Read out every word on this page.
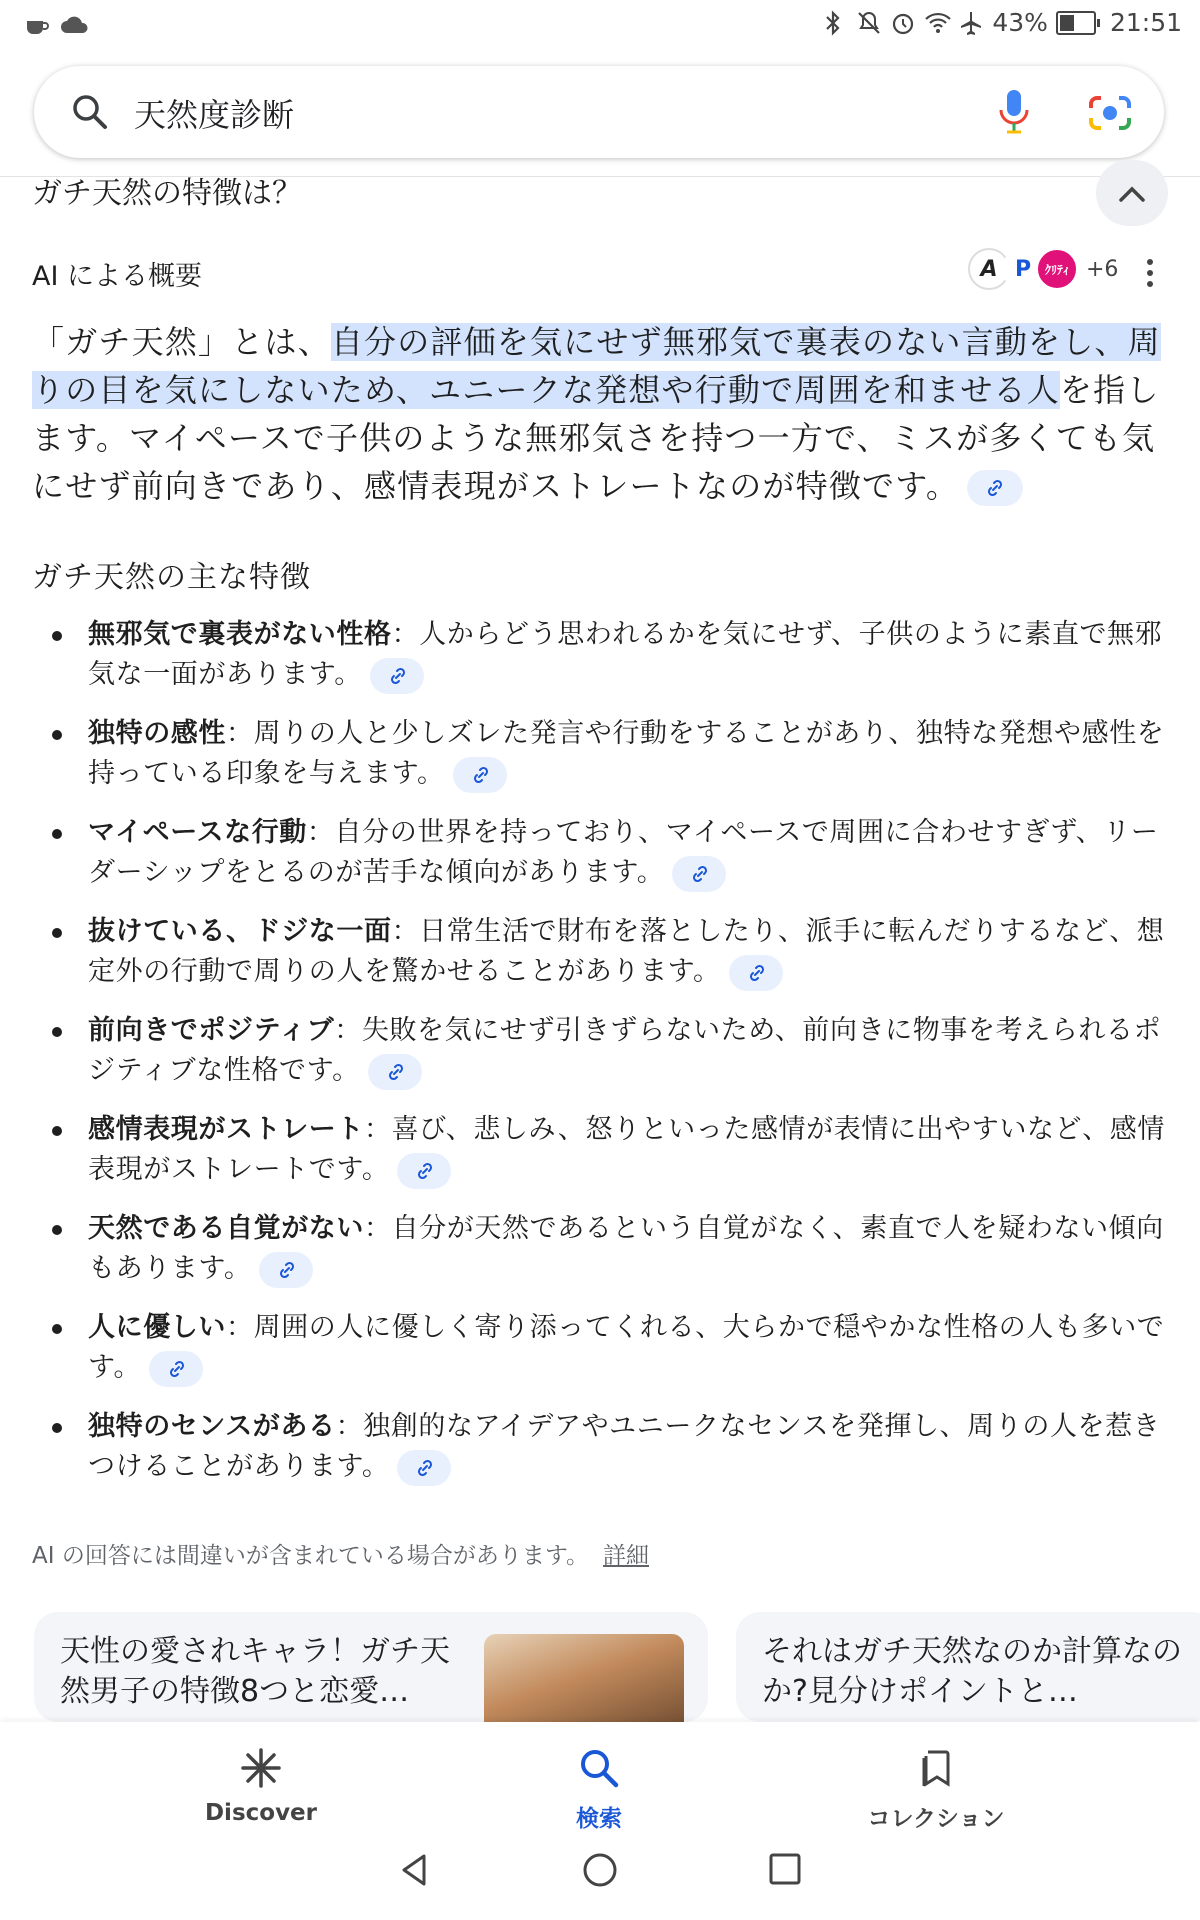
43% 21:51
天然度診断
ガチ天然の特徴は？
AI による概要	A P	ｸﾘﾃｨ +6
「ガチ天然」とは、自分の評価を気にせず無邪気で裏表のない言動をし、周りの目を気にしないため、ユニークな発想や行動で周囲を和ませる人を指します。マイペースで子供のような無邪気さを持つ一方で、ミスが多くても気にせず前向きであり、感情表現がストレートなのが特徴です。
ガチ天然の主な特徴
無邪気で裏表がない性格：人からどう思われるかを気にせず、子供のように素直で無邪気な一面があります。
独特の感性：周りの人と少しズレた発言や行動をすることがあり、独特な発想や感性を持っている印象を与えます。
マイペースな行動：自分の世界を持っており、マイペースで周囲に合わせすぎず、リーダーシップをとるのが苦手な傾向があります。
抜けている、ドジな一面：日常生活で財布を落としたり、派手に転んだりするなど、想定外の行動で周りの人を驚かせることがあります。
前向きでポジティブ：失敗を気にせず引きずらないため、前向きに物事を考えられるポジティブな性格です。
感情表現がストレート：喜び、悲しみ、怒りといった感情が表情に出やすいなど、感情表現がストレートです。
天然である自覚がない：自分が天然であるという自覚がなく、素直で人を疑わない傾向もあります。
人に優しい：周囲の人に優しく寄り添ってくれる、大らかで穏やかな性格の人も多いです。
独特のセンスがある：独創的なアイデアやユニークなセンスを発揮し、周りの人を惹きつけることがあります。
AI の回答には間違いが含まれている場合があります。 詳細
天性の愛されキャラ！ガチ天然男子の特徴8つと恋愛…
それはガチ天然なのか計算なのか?見分けポイントと…
Discover	検索	コレクション
